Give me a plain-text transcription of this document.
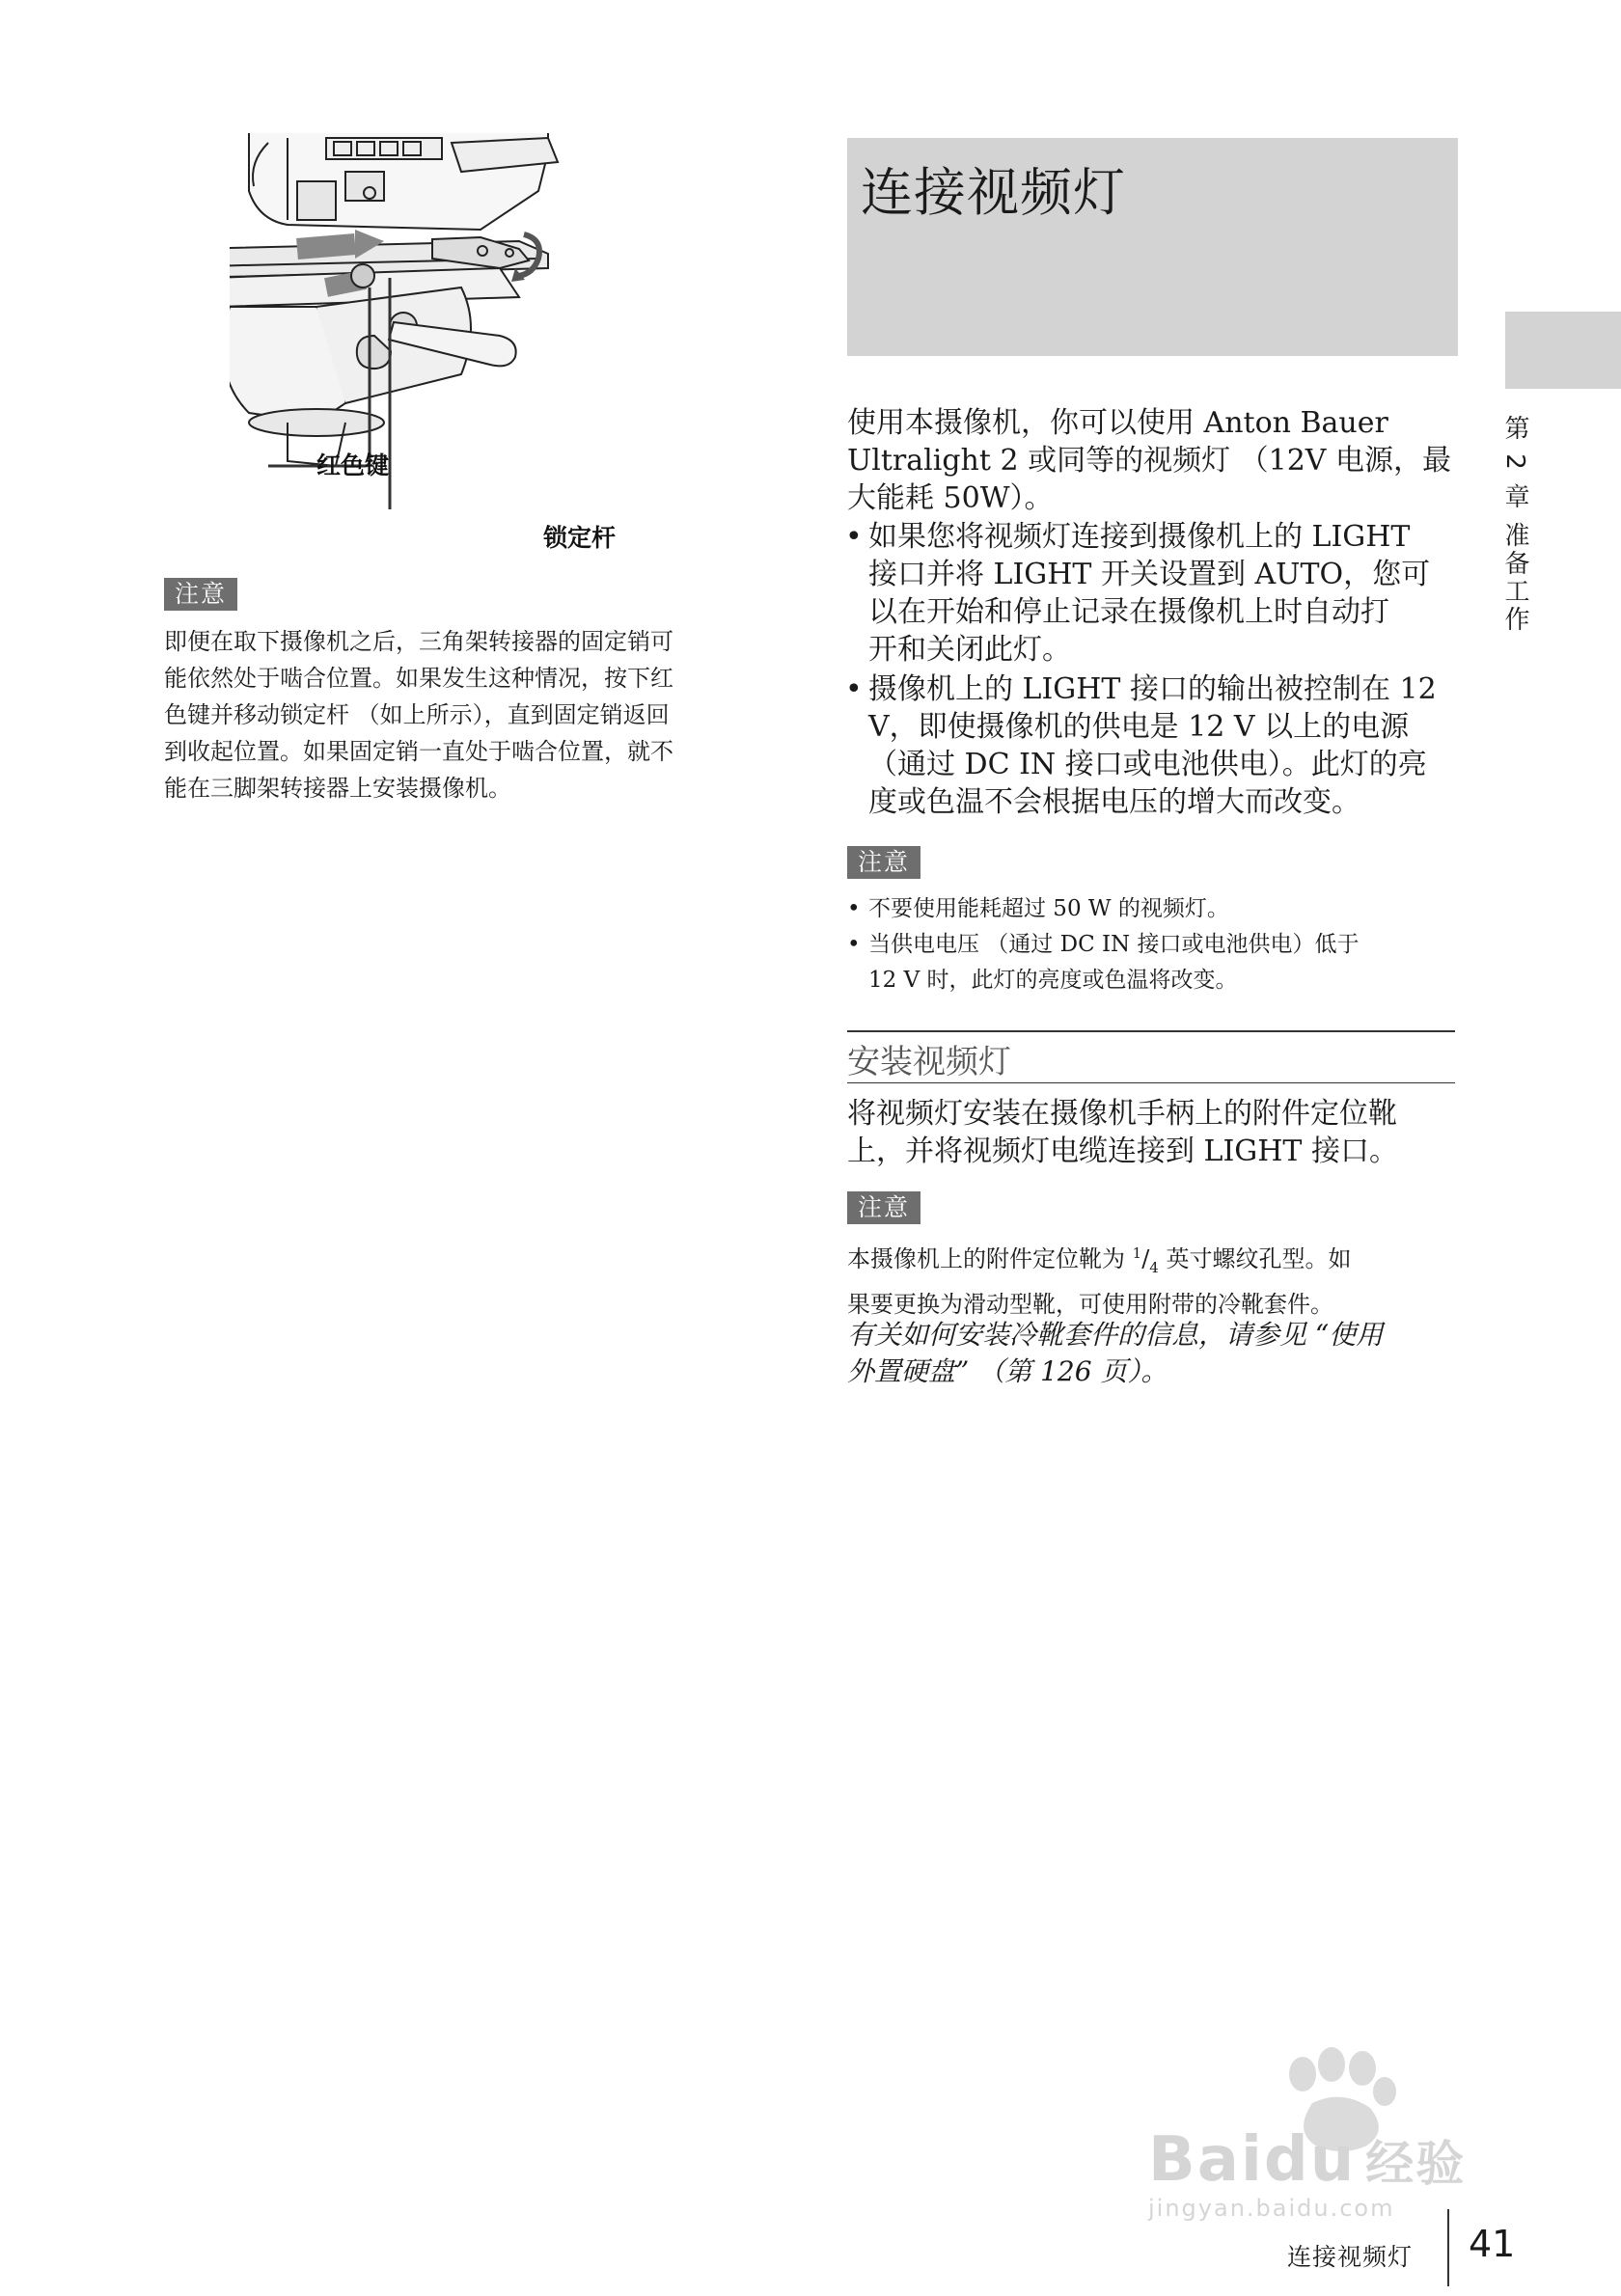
红色键
锁定杆
注意
即便在取下摄像机之后，三角架转接器的固定销可
能依然处于啮合位置。如果发生这种情况，按下红
色键并移动锁定杆 （如上所示），直到固定销返回
到收起位置。如果固定销一直处于啮合位置，就不
能在三脚架转接器上安装摄像机。
连接视频灯
第 2 章 准备工作
使用本摄像机，你可以使用 Anton Bauer
Ultralight 2 或同等的视频灯 （12V 电源，最
大能耗 50W）。
• 如果您将视频灯连接到摄像机上的 LIGHT
接口并将 LIGHT 开关设置到 AUTO，您可
以在开始和停止记录在摄像机上时自动打
开和关闭此灯。
• 摄像机上的 LIGHT 接口的输出被控制在 12
V，即使摄像机的供电是 12 V 以上的电源
（通过 DC IN 接口或电池供电）。此灯的亮
度或色温不会根据电压的增大而改变。
注意
• 不要使用能耗超过 50 W 的视频灯。
• 当供电电压 （通过 DC IN 接口或电池供电）低于
12 V 时，此灯的亮度或色温将改变。
安装视频灯
将视频灯安装在摄像机手柄上的附件定位靴
上，并将视频灯电缆连接到 LIGHT 接口。
注意
本摄像机上的附件定位靴为 $^1/_4$ 英寸螺纹孔型。如
果要更换为滑动型靴，可使用附带的冷靴套件。
有关如何安装冷靴套件的信息，请参见 “使用
外置硬盘” （第 126 页）。
Baidu 经验
jingyan.baidu.com
连接视频灯 41
